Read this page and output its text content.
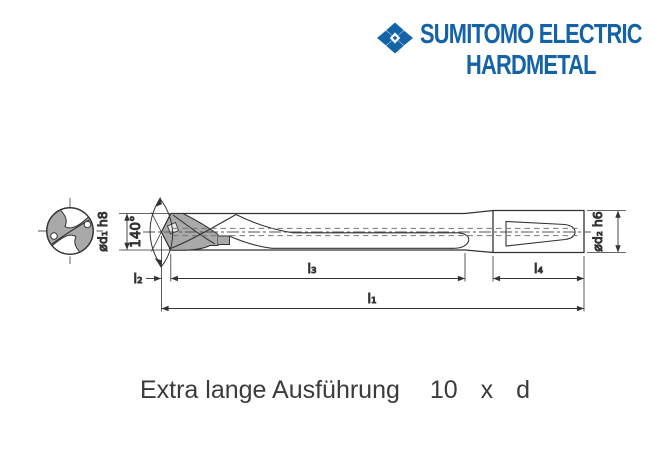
SUMITOMO ELECTRIC
HARDMETAL
140°
ød₁ h8	ød₂ h6
l₂
l₃	l₄
l₁
Extra lange Ausführung 10 x d
